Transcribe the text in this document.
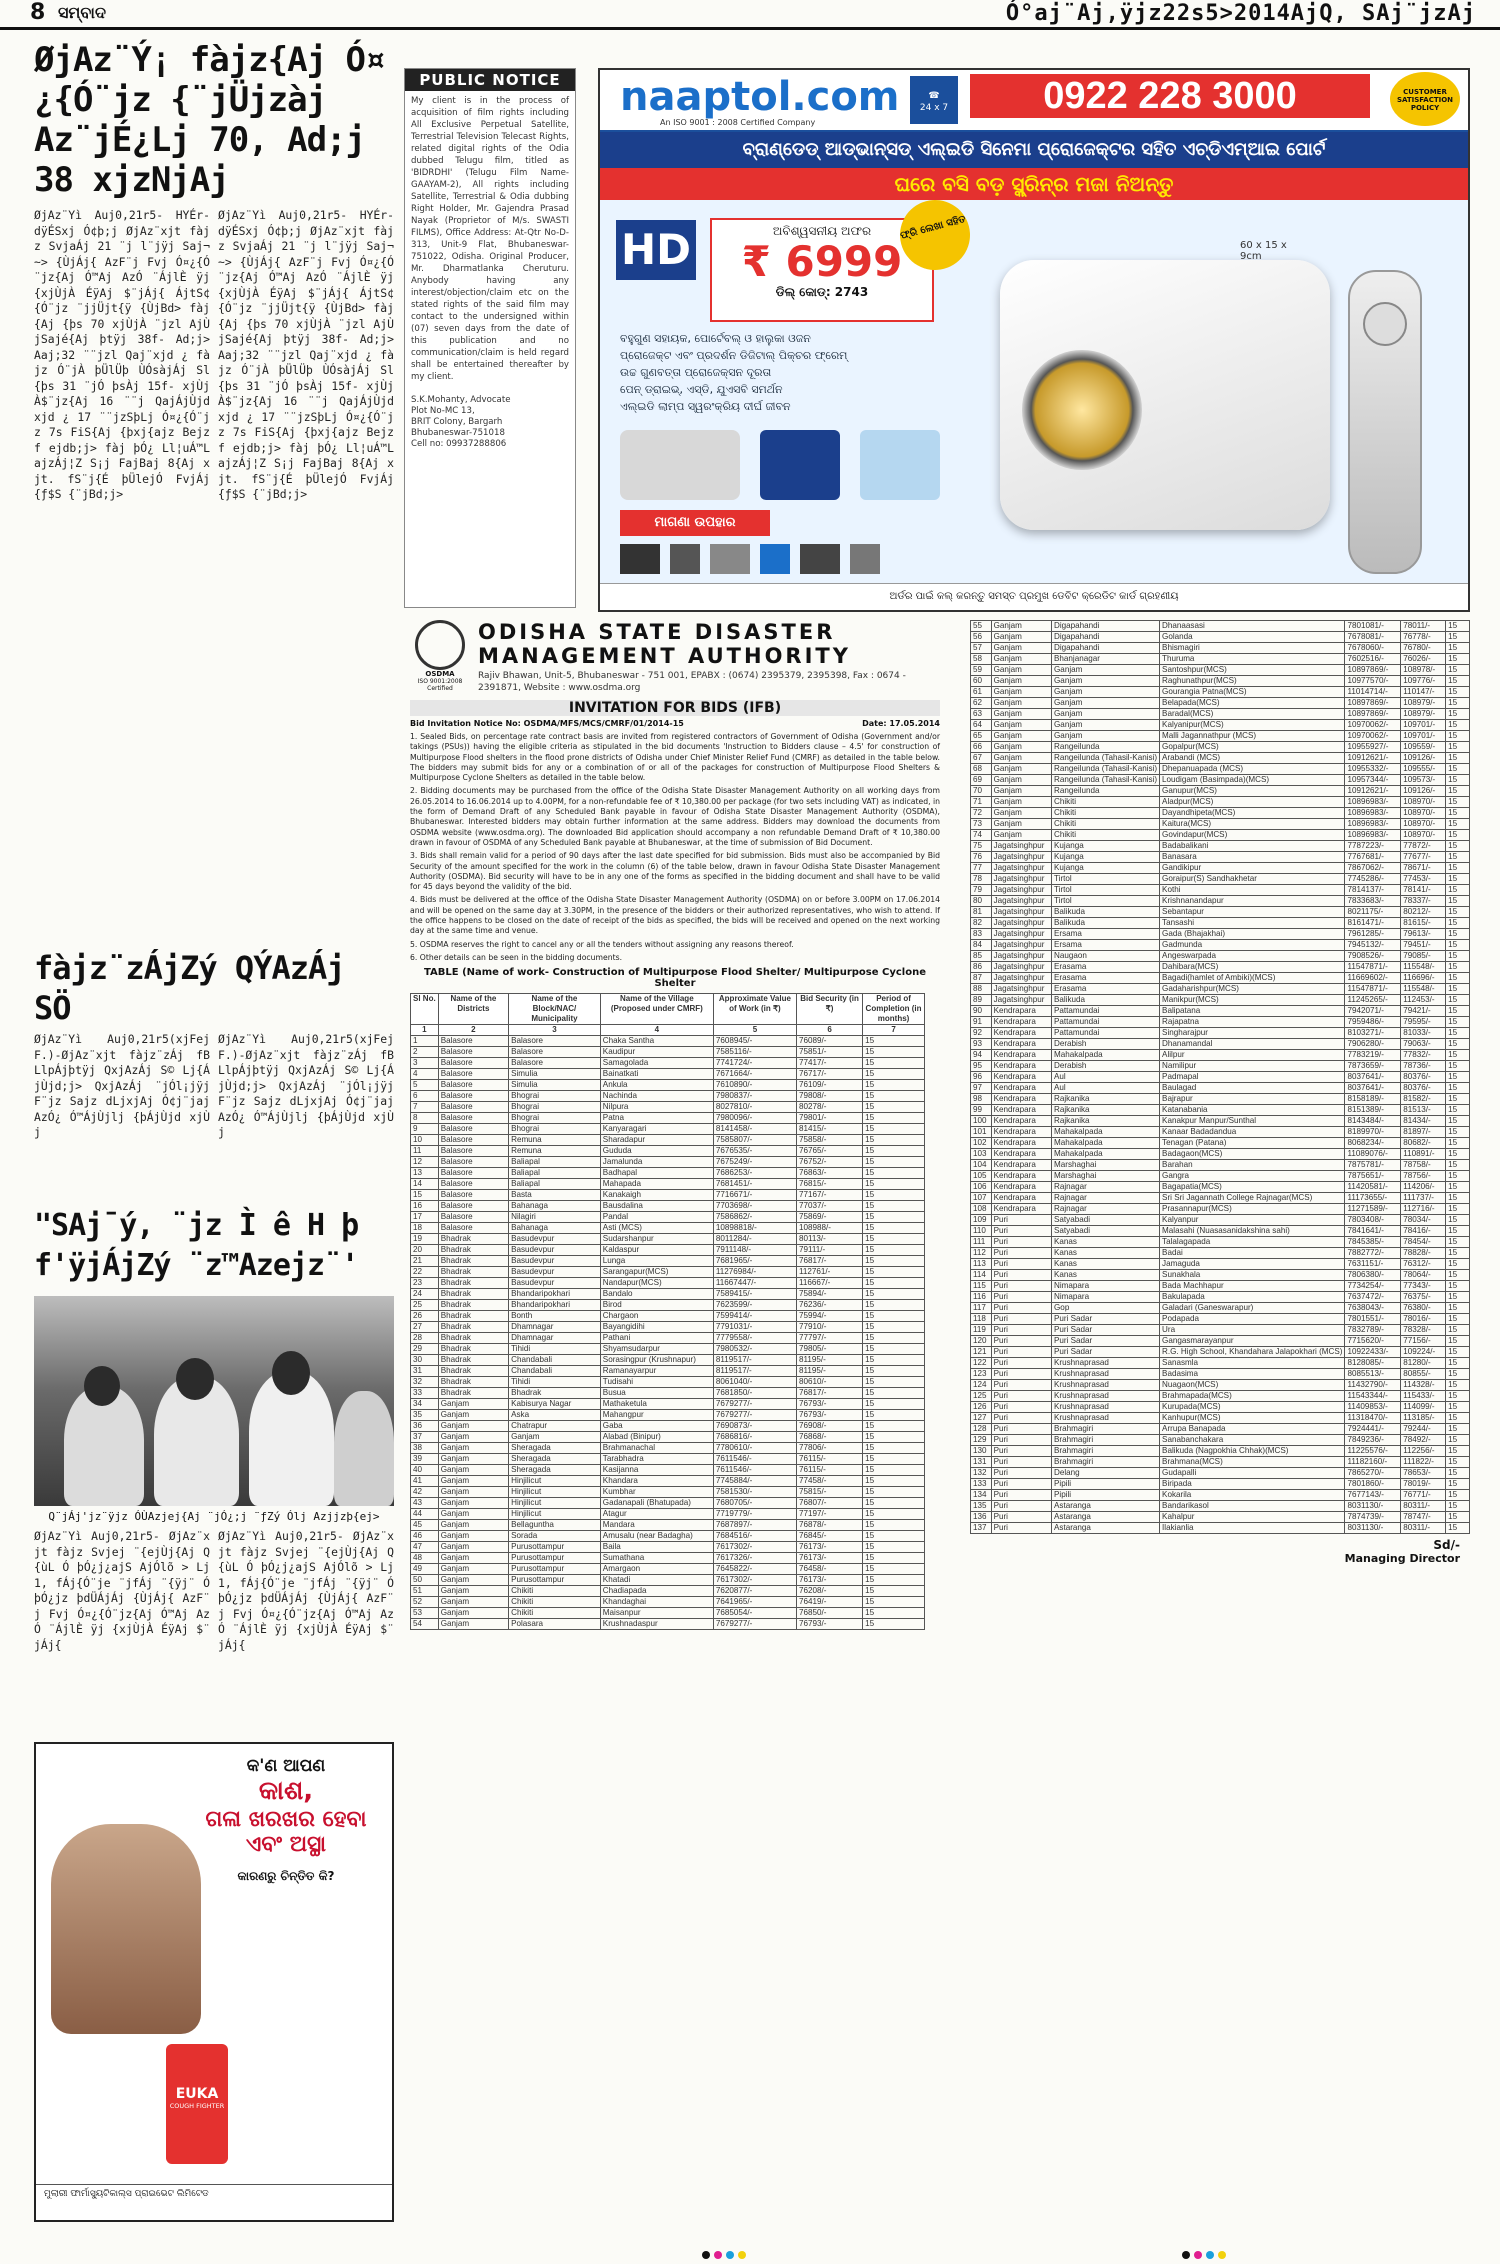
8 ସମ୍ବାଦ	Ó°aj¨Aj,ÿjz22s5>2014AjQ, SAj¨jzAj
ØjAz¨Ý¡ fàjz{Aj Ó¤¿{Ó¨jz {¨jÜjzàj Az¨jÉ¿Lj 70, Ad;j 38 xjzNjAj
ØjAz¨Yì Auj0,21r5- HYÉr- dÿÉSxj Ó¢þ;j ØjAz¨xjt fàjz SvjaÁj 21 ¨j l¨jÿj Saj¬~> {ÙjÁj{ AzF¨j Fvj Ó¤¿{Ó¨jz{Aj Ó™Aj AzÓ ¨ÁjlÈ ÿj {xjÙjÀ ÉÿAj $¨jÁj{ ÁjtS¢{Ó¨jz ¨jjÜjt{ÿ {ÙjBd> fàj{Aj {þs 70 xjÙjÀ ¨jzl AjÙjSajé{Aj þtÿj 38f- Ad;j> Aaj;32 ¨¨jzl Qaj¨xjd ¿ fàjz Ó¨jÀ þÜlÜþ ÙÓsàjÁj Sl {þs 31 ¨jÓ þsÀj 15f- xjÙjÀ$¨jz{Aj 16 ¨¨j QajÁjÙjd xjd ¿ 17 ¨¨jzSþLj Ó¤¿{Ó¨jz 7s FiS{Aj {þxj{ajz Bejzf ejdb;j> fàj þÓ¿ Ll¦uÁ™LajzÁj¦Z S¡j FajBaj 8{Aj xjt. fS¨j{É þÜlejÓ FvjÁj {ƒ$S {¨jBd;j>
ØjAz¨Yì Auj0,21r5- HYÉr- dÿÉSxj Ó¢þ;j ØjAz¨xjt fàjz SvjaÁj 21 ¨j l¨jÿj Saj¬~> {ÙjÁj{ AzF¨j Fvj Ó¤¿{Ó¨jz{Aj Ó™Aj AzÓ ¨ÁjlÈ ÿj {xjÙjÀ ÉÿAj $¨jÁj{ ÁjtS¢{Ó¨jz ¨jjÜjt{ÿ {ÙjBd> fàj{Aj {þs 70 xjÙjÀ ¨jzl AjÙjSajé{Aj þtÿj 38f- Ad;j> Aaj;32 ¨¨jzl Qaj¨xjd ¿ fàjz Ó¨jÀ þÜlÜþ ÙÓsàjÁj Sl {þs 31 ¨jÓ þsÀj 15f- xjÙjÀ$¨jz{Aj 16 ¨¨j QajÁjÙjd xjd ¿ 17 ¨¨jzSþLj Ó¤¿{Ó¨jz 7s FiS{Aj {þxj{ajz Bejzf ejdb;j> fàj þÓ¿ Ll¦uÁ™LajzÁj¦Z S¡j FajBaj 8{Aj xjt. fS¨j{É þÜlejÓ FvjÁj {ƒ$S {¨jBd;j>
fàjz¨zÁjZý QÝAzÁj SÖ
ØjAz¨Yì Auj0,21r5(xjFejF.)-ØjAz¨xjt fàjz¨zÁj fB LlpÁjþtÿj QxjAzÁj S© Lj{ÁjÙjd;j> QxjAzÁj ¨jÓl¡jÿj F¨jz Sajz dLjxjAj Ó¢j¨jaj AzÓ¿ Ó™ÁjÙjlj {þÁjÙjd xjÙj
ØjAz¨Yì Auj0,21r5(xjFejF.)-ØjAz¨xjt fàjz¨zÁj fB LlpÁjþtÿj QxjAzÁj S© Lj{ÁjÙjd;j> QxjAzÁj ¨jÓl¡jÿj F¨jz Sajz dLjxjAj Ó¢j¨jaj AzÓ¿ Ó™ÁjÙjlj {þÁjÙjd xjÙj
"SAj¯ý, ¨jz Ì ê H þ f'ÿjÁjZý ¨z™Azejz¨'
Q¨jÁj'jz¨ÿjz ÓÙAzjej{Aj ¨jÓ¿;j ¨ƒZý Ólj Azjjzþ{ej>
ØjAz¨Yì Auj0,21r5- ØjAz¨xjt fàjz Svjej ¨{ejÙj{Aj Q{ùL Ó þÓ¿j¿ajS AjÓlõ > Lj1, fÁj{Ó¨je ¨jfÁj ¨{ÿj¨ Ó þÓ¿jz þdÜÁjÁj {ÙjÁj{ AzF¨j Fvj Ó¤¿{Ó¨jz{Aj Ó™Aj AzÓ ¨ÁjlÈ ÿj {xjÙjÀ ÉÿAj $¨jÁj{
ØjAz¨Yì Auj0,21r5- ØjAz¨xjt fàjz Svjej ¨{ejÙj{Aj Q{ùL Ó þÓ¿j¿ajS AjÓlõ > Lj1, fÁj{Ó¨je ¨jfÁj ¨{ÿj¨ Ó þÓ¿jz þdÜÁjÁj {ÙjÁj{ AzF¨j Fvj Ó¤¿{Ó¨jz{Aj Ó™Aj AzÓ ¨ÁjlÈ ÿj {xjÙjÀ ÉÿAj $¨jÁj{
କ'ଣ ଆପଣ
କାଶ,
ଗଳା ଖରଖର ହେବା
ଏବଂ ଅସ୍ଥା
କାରଣରୁ ଚିନ୍ତିତ କି?
EUKA
COUGH FIGHTER
ମୁଲାରୀ ଫାର୍ମାସ୍ୟୁଟିକାଲ୍ସ ପ୍ରାଇଭେଟ ଲିମିଟେଡ
PUBLIC NOTICE
My client is in the process of acquisition of film rights including All Exclusive Perpetual Satellite, Terrestrial Television Telecast Rights, related digital rights of the Odia dubbed Telugu film, titled as 'BIDRDHI' (Telugu Film Name- GAAYAM-2), All rights including Satellite, Terrestrial & Odia dubbing Right Holder, Mr. Gajendra Prasad Nayak (Proprietor of M/s. SWASTI FILMS), Office Address: At-Qtr No-D-313, Unit-9 Flat, Bhubaneswar-751022, Odisha. Original Producer, Mr. Dharmatlanka Cheruturu. Anybody having any interest/objection/claim etc on the stated rights of the said film may contact to the undersigned within (07) seven days from the date of this publication and no communication/claim is held regard shall be entertained thereafter by my client.
S.K.Mohanty, Advocate
Plot No-MC 13,
BRIT Colony, Bargarh
Bhubaneswar-751018
Cell no: 09937288806
naaptol.com
An ISO 9001 : 2008 Certified Company
☎
24 x 7	0922 228 3000	CUSTOMER SATISFACTION POLICY
ବ୍ରାଣ୍ଡେଡ୍ ଆଡ୍ଭାନ୍ସଡ୍ ଏଲ୍ଇଡି ସିନେମା ପ୍ରୋଜେକ୍ଟର ସହିତ ଏଚ୍ଡିଏମ୍ଆଇ ପୋର୍ଟ
ଘରେ ବସି ବଡ଼ ସ୍କ୍ରିନ୍ର ମଜା ନିଅନ୍ତୁ
HD	ଅବିଶ୍ୱସନୀୟ ଅଫର
₹ 6999
ଡିଲ୍ କୋଡ୍: 2743
ଫ୍ରି ଲେଖା ସହିତ
ବହୁଗୁଣ ସହାୟକ, ପୋର୍ଟେବଲ୍ ଓ ହାଲୁକା ଓଜନ
ପ୍ରୋଜେକ୍ଟ ଏବଂ ପ୍ରଦର୍ଶନ ଡିଜିଟାଲ୍ ପିକ୍ଚର ଫ୍ରେମ୍
ଉଚ୍ଚ ଗୁଣବତ୍ତା ପ୍ରୋଜେକ୍ସନ ଦୂରତା
ପେନ୍ ଡ୍ରାଇଭ୍, ଏସ୍‌ଡି, ଯୁଏସବି ସମର୍ଥନ
ଏଲ୍ଇଡି ଲାମ୍ପ ସ୍ୱରଂକ୍ରିୟ ଦୀର୍ଘ ଜୀବନ
ମାଗଣା ଉପହାର
60 x 15 x 9cm
ଅର୍ଡର ପାଇଁ କଲ୍ କରନ୍ତୁ ସମସ୍ତ ପ୍ରମୁଖ ଡେବିଟ କ୍ରେଡିଟ କାର୍ଡ ଗ୍ରହଣୀୟ
OSDMA
ISO 9001:2008 Certified
ODISHA STATE DISASTER MANAGEMENT AUTHORITY
Rajiv Bhawan, Unit-5, Bhubaneswar - 751 001, EPABX : (0674) 2395379, 2395398, Fax : 0674 - 2391871, Website : www.osdma.org
INVITATION FOR BIDS (IFB)
Bid Invitation Notice No: OSDMA/MFS/MCS/CMRF/01/2014-15	Date: 17.05.2014

1. Sealed Bids, on percentage rate contract basis are invited from registered contractors of Government of Odisha (Government and/or takings (PSUs)) having the eligible criteria as stipulated in the bid documents 'Instruction to Bidders clause – 4.5' for construction of Multipurpose Flood shelters in the flood prone districts of Odisha under Chief Minister Relief Fund (CMRF) as detailed in the table below. The bidders may submit bids for any or a combination of or all of the packages for construction of Multipurpose Flood Shelters & Multipurpose Cyclone Shelters as detailed in the table below.

2. Bidding documents may be purchased from the office of the Odisha State Disaster Management Authority on all working days from 26.05.2014 to 16.06.2014 up to 4.00PM, for a non-refundable fee of ₹ 10,380.00 per package (for two sets including VAT) as indicated, in the form of Demand Draft of any Scheduled Bank payable in favour of Odisha State Disaster Management Authority (OSDMA), Bhubaneswar. Interested bidders may obtain further information at the same address. Bidders may download the documents from OSDMA website (www.osdma.org). The downloaded Bid application should accompany a non refundable Demand Draft of ₹ 10,380.00 drawn in favour of OSDMA of any Scheduled Bank payable at Bhubaneswar, at the time of submission of Bid Document.

3. Bids shall remain valid for a period of 90 days after the last date specified for bid submission. Bids must also be accompanied by Bid Security of the amount specified for the work in the column (6) of the table below, drawn in favour Odisha State Disaster Management Authority (OSDMA). Bid security will have to be in any one of the forms as specified in the bidding document and shall have to be valid for 45 days beyond the validity of the bid.

4. Bids must be delivered at the office of the Odisha State Disaster Management Authority (OSDMA) on or before 3.00PM on 17.06.2014 and will be opened on the same day at 3.30PM, in the presence of the bidders or their authorized representatives, who wish to attend. If the office happens to be closed on the date of receipt of the bids as specified, the bids will be received and opened on the next working day at the same time and venue.

5. OSDMA reserves the right to cancel any or all the tenders without assigning any reasons thereof.

6. Other details can be seen in the bidding documents.

TABLE (Name of work- Construction of Multipurpose Flood Shelter/ Multipurpose Cyclone Shelter
Sl No.	Name of the Districts	Name of the Block/NAC/ Municipality	Name of the Village (Proposed under CMRF)	Approximate Value of Work (in ₹)	Bid Security (in ₹)	Period of Completion (in months)
1	2	3	4	5	6	7
1	Balasore	Balasore	Chaka Santha	7608945/-	76089/-	15
2	Balasore	Balasore	Kaudipur	7585116/-	75851/-	15
3	Balasore	Balasore	Samagolada	7741724/-	77417/-	15
4	Balasore	Simulia	Bainatkati	7671664/-	76717/-	15
5	Balasore	Simulia	Ankula	7610890/-	76109/-	15
6	Balasore	Bhograi	Nachinda	7980837/-	79808/-	15
7	Balasore	Bhograi	Nilpura	8027810/-	80278/-	15
8	Balasore	Bhograi	Patna	7980096/-	79801/-	15
9	Balasore	Bhograi	Kanyaragari	8141458/-	81415/-	15
10	Balasore	Remuna	Sharadapur	7585807/-	75858/-	15
11	Balasore	Remuna	Gududa	7676535/-	76765/-	15
12	Balasore	Baliapal	Jamalunda	7675249/-	76752/-	15
13	Balasore	Baliapal	Badhapal	7686253/-	76863/-	15
14	Balasore	Baliapal	Mahapada	7681451/-	76815/-	15
15	Balasore	Basta	Kanakaigh	7716671/-	77167/-	15
16	Balasore	Bahanaga	Bausdalina	7703698/-	77037/-	15
17	Balasore	Nilagiri	Pandal	7586862/-	75869/-	15
18	Balasore	Bahanaga	Asti (MCS)	10898818/-	108988/-	15
19	Bhadrak	Basudevpur	Sudarshanpur	8011284/-	80113/-	15
20	Bhadrak	Basudevpur	Kaldaspur	7911148/-	79111/-	15
21	Bhadrak	Basudevpur	Lunga	7681965/-	76817/-	15
22	Bhadrak	Basudevpur	Sarangapur(MCS)	11276984/-	112761/-	15
23	Bhadrak	Basudevpur	Nandapur(MCS)	11667447/-	116667/-	15
24	Bhadrak	Bhandaripokhari	Bandalo	7589415/-	75894/-	15
25	Bhadrak	Bhandaripokhari	Birod	7623599/-	76236/-	15
26	Bhadrak	Bonth	Chargaon	7599414/-	75994/-	15
27	Bhadrak	Dhamnagar	Bayangidihi	7791031/-	77910/-	15
28	Bhadrak	Dhamnagar	Pathani	7779558/-	77797/-	15
29	Bhadrak	Tihidi	Shyamsudarpur	7980532/-	79805/-	15
30	Bhadrak	Chandabali	Sorasingpur (Krushnapur)	8119517/-	81195/-	15
31	Bhadrak	Chandabali	Ramanayarpur	8119517/-	81195/-	15
32	Bhadrak	Tihidi	Tudisahi	8061040/-	80610/-	15
33	Bhadrak	Bhadrak	Busua	7681850/-	76817/-	15
34	Ganjam	Kabisurya Nagar	Mathaketula	7679277/-	76793/-	15
35	Ganjam	Aska	Mahangpur	7679277/-	76793/-	15
36	Ganjam	Chatrapur	Gaba	7690873/-	76908/-	15
37	Ganjam	Ganjam	Alabad (Binipur)	7686816/-	76868/-	15
38	Ganjam	Sheragada	Brahmanachal	7780610/-	77806/-	15
39	Ganjam	Sheragada	Tarabhadra	7611546/-	76115/-	15
40	Ganjam	Sheragada	Kasijanna	7611546/-	76115/-	15
41	Ganjam	Hinjilicut	Khandara	7745884/-	77458/-	15
42	Ganjam	Hinjilicut	Kumbhar	7581530/-	75815/-	15
43	Ganjam	Hinjilicut	Gadanapali (Bhatupada)	7680705/-	76807/-	15
44	Ganjam	Hinjilicut	Atagur	7719779/-	77197/-	15
45	Ganjam	Bellaguntha	Mandara	7687897/-	76878/-	15
46	Ganjam	Sorada	Amusalu (near Badagha)	7684516/-	76845/-	15
47	Ganjam	Purusottampur	Baila	7617302/-	76173/-	15
48	Ganjam	Purusottampur	Sumathana	7617326/-	76173/-	15
49	Ganjam	Purusottampur	Amargaon	7645822/-	76458/-	15
50	Ganjam	Purusottampur	Khatadi	7617302/-	76173/-	15
51	Ganjam	Chikiti	Chadiapada	7620877/-	76208/-	15
52	Ganjam	Chikiti	Khandaghai	7641965/-	76419/-	15
53	Ganjam	Chikiti	Maisanpur	7685054/-	76850/-	15
54	Ganjam	Polasara	Krushnadaspur	7679277/-	76793/-	15
55	Ganjam	Digapahandi	Dhanaasasi	7801081/-	78011/-	15
56	Ganjam	Digapahandi	Golanda	7678081/-	76778/-	15
57	Ganjam	Digapahandi	Bhismagiri	7678060/-	76780/-	15
58	Ganjam	Bhanjanagar	Thuruma	7602516/-	76026/-	15
59	Ganjam	Ganjam	Santoshpur(MCS)	10897869/-	108978/-	15
60	Ganjam	Ganjam	Raghunathpur(MCS)	10977570/-	109776/-	15
61	Ganjam	Ganjam	Gourangia Patna(MCS)	11014714/-	110147/-	15
62	Ganjam	Ganjam	Belapada(MCS)	10897869/-	108979/-	15
63	Ganjam	Ganjam	Baradal(MCS)	10897869/-	108979/-	15
64	Ganjam	Ganjam	Kalyanipur(MCS)	10970062/-	109701/-	15
65	Ganjam	Ganjam	Malli Jagannathpur (MCS)	10970062/-	109701/-	15
66	Ganjam	Rangeilunda	Gopalpur(MCS)	10955927/-	109559/-	15
67	Ganjam	Rangeilunda (Tahasil-Kanisi)	Arabandi (MCS)	10912621/-	109126/-	15
68	Ganjam	Rangeilunda (Tahasil-Kanisi)	Dhepanuapada (MCS)	10955332/-	109555/-	15
69	Ganjam	Rangeilunda (Tahasil-Kanisi)	Loudigam (Basimpada)(MCS)	10957344/-	109573/-	15
70	Ganjam	Rangeilunda	Ganupur(MCS)	10912621/-	109126/-	15
71	Ganjam	Chikiti	Aladpur(MCS)	10896983/-	108970/-	15
72	Ganjam	Chikiti	Dayandhipeta(MCS)	10896983/-	108970/-	15
73	Ganjam	Chikiti	Kaitura(MCS)	10896983/-	108970/-	15
74	Ganjam	Chikiti	Govindapur(MCS)	10896983/-	108970/-	15
75	Jagatsinghpur	Kujanga	Badabalikani	7787223/-	77872/-	15
76	Jagatsinghpur	Kujanga	Banasara	7767681/-	77677/-	15
77	Jagatsinghpur	Kujanga	Gandikipur	7867062/-	78671/-	15
78	Jagatsinghpur	Tirtol	Goraipur(S) Sandhakhetar	7745286/-	77453/-	15
79	Jagatsinghpur	Tirtol	Kothi	7814137/-	78141/-	15
80	Jagatsinghpur	Tirtol	Krishnanandapur	7833683/-	78337/-	15
81	Jagatsinghpur	Balikuda	Sebantapur	8021175/-	80212/-	15
82	Jagatsinghpur	Balikuda	Tansashi	8161471/-	81615/-	15
83	Jagatsinghpur	Ersama	Gada (Bhajakhai)	7961285/-	79613/-	15
84	Jagatsinghpur	Ersama	Gadmunda	7945132/-	79451/-	15
85	Jagatsinghpur	Naugaon	Angeswarpada	7908526/-	79085/-	15
86	Jagatsinghpur	Erasama	Dahibara(MCS)	11547871/-	115548/-	15
87	Jagatsinghpur	Erasama	Bagadi(hamlet of Ambiki)(MCS)	11669602/-	116696/-	15
88	Jagatsinghpur	Erasama	Gadaharishpur(MCS)	11547871/-	115548/-	15
89	Jagatsinghpur	Balikuda	Manikpur(MCS)	11245265/-	112453/-	15
90	Kendrapara	Pattamundai	Balipatana	7942071/-	79421/-	15
91	Kendrapara	Pattamundai	Rajapatna	7959486/-	79595/-	15
92	Kendrapara	Pattamundai	Singharajpur	8103271/-	81033/-	15
93	Kendrapara	Derabish	Dhanamandal	7906280/-	79063/-	15
94	Kendrapara	Mahakalpada	Alilpur	7783219/-	77832/-	15
95	Kendrapara	Derabish	Namilipur	7873659/-	78736/-	15
96	Kendrapara	Aul	Padmapal	8037641/-	80376/-	15
97	Kendrapara	Aul	Baulagad	8037641/-	80376/-	15
98	Kendrapara	Rajkanika	Bajrapur	8158189/-	81582/-	15
99	Kendrapara	Rajkanika	Katanabania	8151389/-	81513/-	15
100	Kendrapara	Rajkanika	Kanakpur Manpur/Sunthal	8143484/-	81434/-	15
101	Kendrapara	Mahakalpada	Kanaar Badadandua	8189970/-	81897/-	15
102	Kendrapara	Mahakalpada	Tenagan (Patana)	8068234/-	80682/-	15
103	Kendrapara	Mahakalpada	Badagaon(MCS)	11089076/-	110891/-	15
104	Kendrapara	Marshaghai	Barahan	7875781/-	78758/-	15
105	Kendrapara	Marshaghai	Gangra	7875651/-	78756/-	15
106	Kendrapara	Rajnagar	Bagapatia(MCS)	11420581/-	114206/-	15
107	Kendrapara	Rajnagar	Sri Sri Jagannath College Rajnagar(MCS)	11173655/-	111737/-	15
108	Kendrapara	Rajnagar	Prasannapur(MCS)	11271589/-	112716/-	15
109	Puri	Satyabadi	Kalyanpur	7803408/-	78034/-	15
110	Puri	Satyabadi	Malasahi (Nuasasanidakshina sahi)	7841641/-	78416/-	15
111	Puri	Kanas	Talalagapada	7845385/-	78454/-	15
112	Puri	Kanas	Badai	7882772/-	78828/-	15
113	Puri	Kanas	Jamaguda	7631151/-	76312/-	15
114	Puri	Kanas	Sunakhala	7806380/-	78064/-	15
115	Puri	Nimapara	Bada Machhapur	7734254/-	77343/-	15
116	Puri	Nimapara	Bakulapada	7637472/-	76375/-	15
117	Puri	Gop	Galadari (Ganeswarapur)	7638043/-	76380/-	15
118	Puri	Puri Sadar	Podapada	7801551/-	78016/-	15
119	Puri	Puri Sadar	Ura	7832789/-	78328/-	15
120	Puri	Puri Sadar	Gangasmarayanpur	7715620/-	77156/-	15
121	Puri	Puri Sadar	R.G. High School, Khandahara Jalapokhari (MCS)	10922433/-	109224/-	15
122	Puri	Krushnaprasad	Sanasmla	8128085/-	81280/-	15
123	Puri	Krushnaprasad	Badasima	8085513/-	80855/-	15
124	Puri	Krushnaprasad	Nuagaon(MCS)	11432790/-	114328/-	15
125	Puri	Krushnaprasad	Brahmapada(MCS)	11543344/-	115433/-	15
126	Puri	Krushnaprasad	Kurupada(MCS)	11409853/-	114099/-	15
127	Puri	Krushnaprasad	Kanhupur(MCS)	11318470/-	113185/-	15
128	Puri	Brahmagiri	Arrupa Banapada	7924441/-	79244/-	15
129	Puri	Brahmagiri	Sanabanchakara	7849236/-	78492/-	15
130	Puri	Brahmagiri	Balikuda (Nagpokhia Chhak)(MCS)	11225576/-	112256/-	15
131	Puri	Brahmagiri	Brahmana(MCS)	11182160/-	111822/-	15
132	Puri	Delang	Gudapalli	7865270/-	78653/-	15
133	Puri	Pipili	Biripada	7801860/-	78019/-	15
134	Puri	Pipili	Kokarila	7677143/-	76771/-	15
135	Puri	Astaranga	Bandarikasol	8031130/-	80311/-	15
136	Puri	Astaranga	Kahalpur	7874739/-	78747/-	15
137	Puri	Astaranga	Ilakianlia	8031130/-	80311/-	15
Sd/-
Managing Director
